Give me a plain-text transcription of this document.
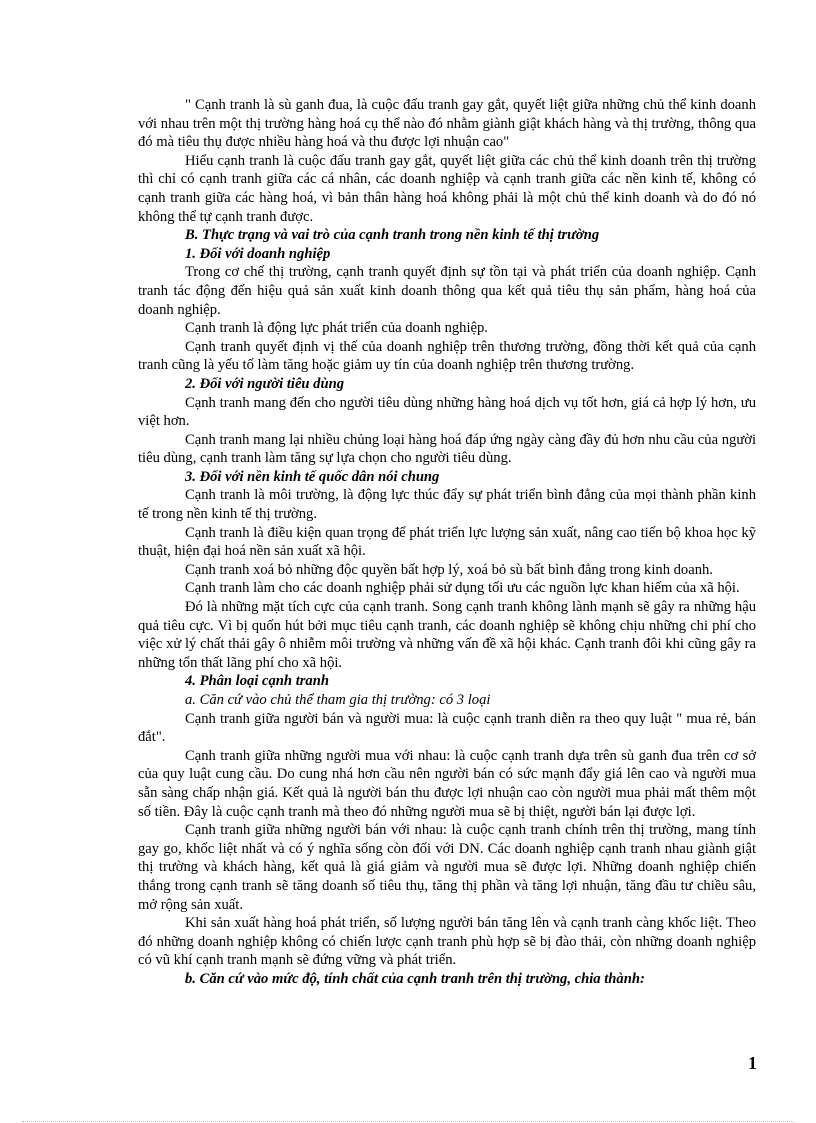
" Cạnh tranh là sù ganh đua, là cuộc đấu tranh gay gắt, quyết liệt giữa những chủ thể kinh doanh với nhau trên một thị trường hàng hoá cụ thể nào đó nhằm giành giật khách hàng và thị trường, thông qua đó mà tiêu thụ được nhiều hàng hoá và thu được lợi nhuận cao"

Hiểu cạnh tranh là cuộc đấu tranh gay gắt, quyết liệt giữa các chủ thể kinh doanh trên thị trường thì chỉ có cạnh tranh giữa các cá nhân, các doanh nghiệp và cạnh tranh giữa các nền kinh tế, không có cạnh tranh giữa các hàng hoá, vì bản thân hàng hoá không phải là một chủ thể kinh doanh và do đó nó không thể tự cạnh tranh được.

B. Thực trạng và vai trò của cạnh tranh trong nền kinh tế thị trường

1. Đối với doanh nghiệp

Trong cơ chế thị trường, cạnh tranh quyết định sự tồn tại và phát triển của doanh nghiệp. Cạnh tranh tác động đến hiệu quả sản xuất kinh doanh thông qua kết quả tiêu thụ sản phẩm, hàng hoá của doanh nghiệp.

Cạnh tranh là động lực phát triển của doanh nghiệp.

Cạnh tranh quyết định vị thế của doanh nghiệp trên thương trường, đồng thời kết quả của cạnh tranh cũng là yếu tố làm tăng hoặc giảm uy tín của doanh nghiệp trên thương trường.

2. Đối với người tiêu dùng

Cạnh tranh mang đến cho người tiêu dùng những hàng hoá dịch vụ tốt hơn, giá cả hợp lý hơn, ưu việt hơn.

Cạnh tranh mang lại nhiều chủng loại hàng hoá đáp ứng ngày càng đầy đủ hơn nhu cầu của người tiêu dùng, cạnh tranh làm tăng sự lựa chọn cho người tiêu dùng.

3. Đối với nền kinh tế quốc dân nói chung

Cạnh tranh là môi trường, là động lực thúc đẩy sự phát triển bình đẳng của mọi thành phần kinh tế trong nền kinh tế thị trường.

Cạnh tranh là điều kiện quan trọng để phát triển lực lượng sản xuất, nâng cao tiến bộ khoa học kỹ thuật, hiện đại hoá nền sản xuất xã hội.

Cạnh tranh xoá bỏ những độc quyền bất hợp lý, xoá bỏ sù bất bình đẳng trong kinh doanh.

Cạnh tranh làm cho các doanh nghiệp phải sử dụng tối ưu các nguồn lực khan hiếm của xã hội.

Đó là những mặt tích cực của cạnh tranh. Song cạnh tranh không lành mạnh sẽ gây ra những hậu quả tiêu cực. Vì bị quốn hút bởi mục tiêu cạnh tranh, các doanh nghiệp sẽ không chịu những chi phí cho việc xử lý chất thải gây ô nhiễm môi trường và những vấn đề xã hội khác. Cạnh tranh đôi khi cũng gây ra những tổn thất lãng phí cho xã hội.

4. Phân loại cạnh tranh

a. Căn cứ vào chủ thể tham gia thị trường: có 3 loại

Cạnh tranh giữa người bán và người mua: là cuộc cạnh tranh diễn ra theo quy luật " mua rẻ, bán đắt".

Cạnh tranh giữa những người mua với nhau: là cuộc cạnh tranh dựa trên sù ganh đua trên cơ sở của quy luật cung cầu. Do cung nhá hơn cầu nên người bán có sức mạnh đẩy giá lên cao và người mua sẵn sàng chấp nhận giá. Kết quả là người bán thu được lợi nhuận cao còn người mua phải mất thêm một số tiền. Đây là cuộc cạnh tranh mà theo đó những người mua sẽ bị thiệt, người bán lại được lợi.

Cạnh tranh giữa những người bán với nhau: là cuộc cạnh tranh chính trên thị trường, mang tính gay go, khốc liệt nhất và có ý nghĩa sống còn đối với DN. Các doanh nghiệp cạnh tranh nhau giành giật thị trường và khách hàng, kết quả là giá giảm và người mua sẽ được lợi. Những doanh nghiệp chiến thắng trong cạnh tranh sẽ tăng doanh số tiêu thụ, tăng thị phần và tăng lợi nhuận, tăng đầu tư chiều sâu, mở rộng sản xuất.

Khi sản xuất hàng hoá phát triển, số lượng người bán tăng lên và cạnh tranh càng khốc liệt. Theo đó những doanh nghiệp không có chiến lược cạnh tranh phù hợp sẽ bị đào thải, còn những doanh nghiệp có vũ khí cạnh tranh mạnh sẽ đứng vững và phát triển.

b. Căn cứ vào mức độ, tính chất của cạnh tranh trên thị trường, chia thành:

1
